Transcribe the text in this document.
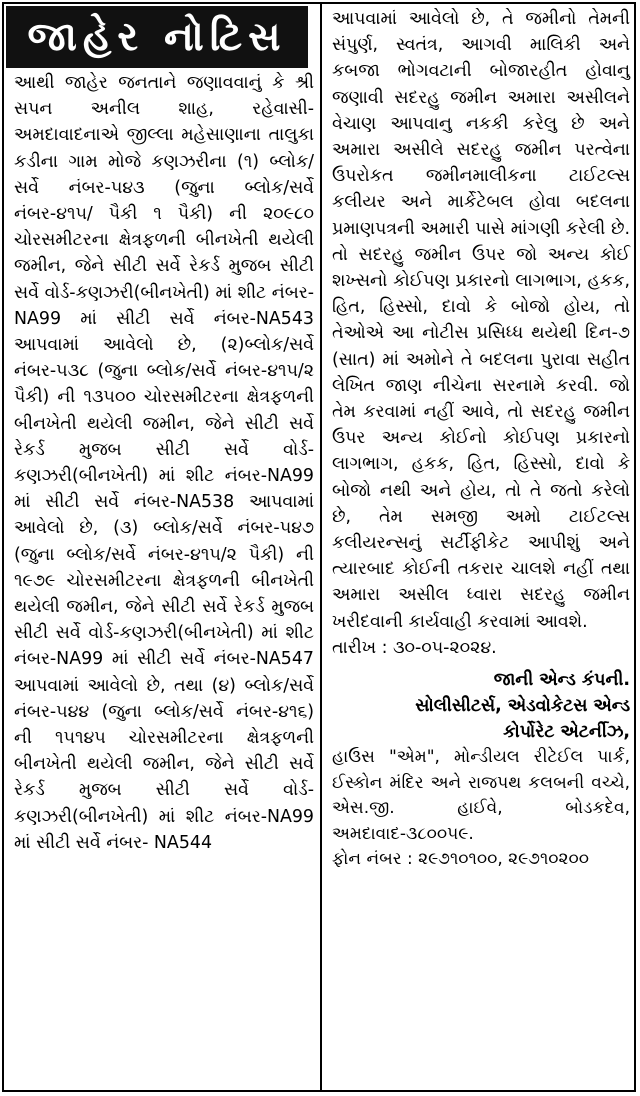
જાહેર નોટિસ

આથી જાહેર જનતાને જણાવવાનું કે શ્રી સપન અનીલ શાહ, રહેવાસી-અમદાવાદનાએ જીલ્લા મહેસાણાના તાલુકા કડીના ગામ મોજે કણઝરીના (૧) બ્લોક/સર્વે નંબર-૫૪૩ (જુના બ્લોક/સર્વે નંબર-૪૧૫/ પૈકી ૧ પૈકી) ની ૨૦૯૮૦ ચોરસમીટરના ક્ષેત્રફળની બીનખેતી થયેલી જમીન, જેને સીટી સર્વે રેકર્ડ મુજબ સીટી સર્વે વોર્ડ-કણઝરી(બીનખેતી) માં શીટ નંબર- NA99 માં સીટી સર્વે નંબર-NA543 આપવામાં આવેલો છે, (૨)બ્લોક/સર્વે નંબર-૫૩૮ (જુના બ્લોક/સર્વે નંબર-૪૧૫/૨ પૈકી) ની ૧૩૫૦૦ ચોરસમીટરના ક્ષેત્રફળની બીનખેતી થયેલી જમીન, જેને સીટી સર્વે રેકર્ડ મુજબ સીટી સર્વે વોર્ડ-કણઝરી(બીનખેતી) માં શીટ નંબર-NA99 માં સીટી સર્વે નંબર-NA538 આપવામાં આવેલો છે, (૩) બ્લોક/સર્વે નંબર-૫૪૭ (જુના બ્લોક/સર્વે નંબર-૪૧૫/૨ પૈકી) ની ૧૯૭૯ ચોરસમીટરના ક્ષેત્રફળની બીનખેતી થયેલી જમીન, જેને સીટી સર્વે રેકર્ડ મુજબ સીટી સર્વે વોર્ડ-કણઝરી(બીનખેતી) માં શીટ નંબર-NA99 માં સીટી સર્વે નંબર-NA547 આપવામાં આવેલો છે, તથા (૪) બ્લોક/સર્વે નંબર-૫૪૪ (જુના બ્લોક/સર્વે નંબર-૪૧૬) ની ૧૫૧૪૫ ચોરસમીટરના ક્ષેત્રફળની બીનખેતી થયેલી જમીન, જેને સીટી સર્વે રેકર્ડ મુજબ સીટી સર્વે વોર્ડ-કણઝરી(બીનખેતી) માં શીટ નંબર-NA99 માં સીટી સર્વે નંબર- NA544

આપવામાં આવેલો છે, તે જમીનો તેમની સંપુર્ણ, સ્વતંત્ર, આગવી માલિકી અને કબજા ભોગવટાની બોજારહીત હોવાનુ જણાવી સદરહુ જમીન અમારા અસીલને વેચાણ આપવાનુ નકકી કરેલુ છે અને અમારા અસીલે સદરહુ જમીન પરત્વેના ઉપરોકત જમીનમાલીકના ટાઈટલ્સ કલીયર અને માર્કેટેબલ હોવા બદલના પ્રમાણપત્રની અમારી પાસે માંગણી કરેલી છે. તો સદરહુ જમીન ઉપર જો અન્ય કોઈ શખ્સનો કોઈપણ પ્રકારનો લાગભાગ, હકક, હિત, હિસ્સો, દાવો કે બોજો હોય, તો તેઓએ આ નોટીસ પ્રસિધ્ધ થયેથી દિન-૭ (સાત) માં અમોને તે બદલના પુરાવા સહીત લેખિત જાણ નીચેના સરનામે કરવી. જો તેમ કરવામાં નહીં આવે, તો સદરહુ જમીન ઉપર અન્ય કોઈનો કોઈપણ પ્રકારનો લાગભાગ, હકક, હિત, હિસ્સો, દાવો કે બોજો નથી અને હોય, તો તે જતો કરેલો છે, તેમ સમજી અમો ટાઈટલ્સ કલીયરન્સનું સર્ટીફીકેટ આપીશું અને ત્યારબાદ કોઈની તકરાર ચાલશે નહીં તથા અમારા અસીલ ધ્વારા સદરહુ જમીન ખરીદવાની કાર્યવાહી કરવામાં આવશે.

તારીખ : ૩૦-૦૫-૨૦૨૪.

જાની એન્ડ કંપની.
સોલીસીટર્સ, એડવોકેટસ એન્ડ
કોર્પોરેટ એટર્નીઝ,

હાઉસ "એમ", મોન્ડીયલ રીટેઈલ પાર્ક, ઈસ્કોન મંદિર અને રાજપથ કલબની વચ્ચે, એસ.જી. હાઈવે, બોડકદેવ, અમદાવાદ-૩૮૦૦૫૯.

ફોન નંબર : ૨૯૭૧૦૧૦૦, ૨૯૭૧૦૨૦૦
